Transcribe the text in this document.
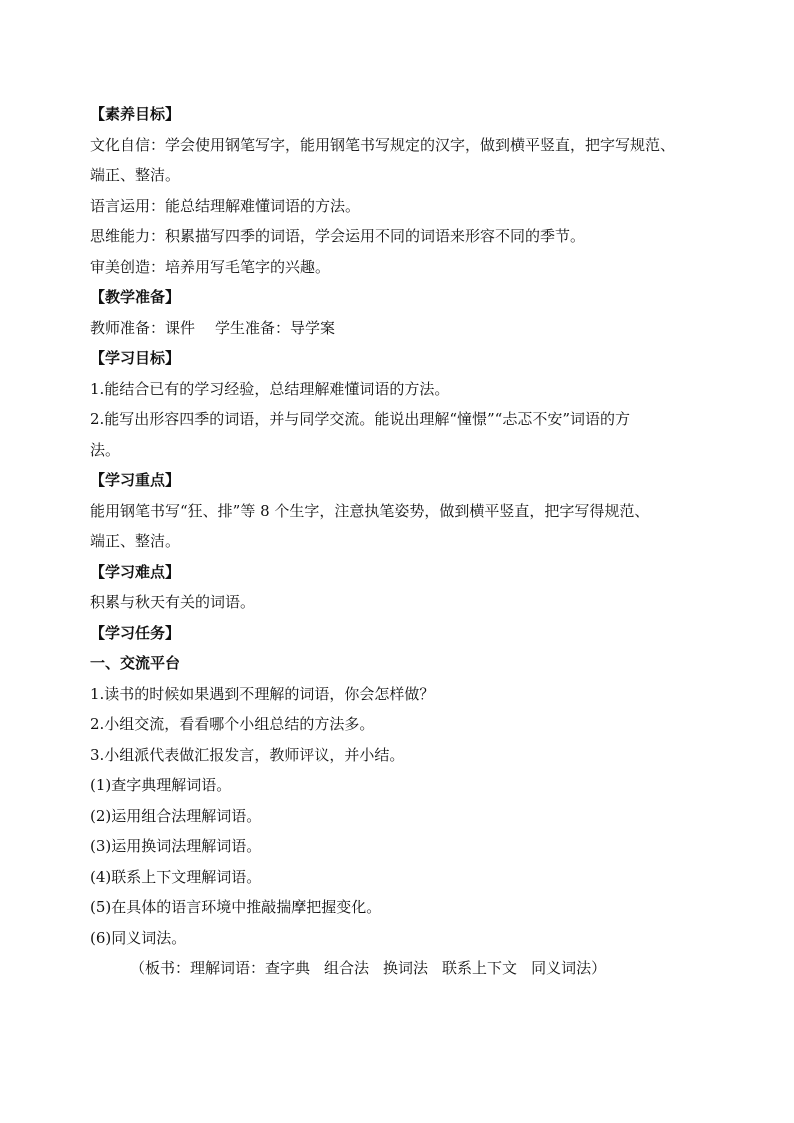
【素养目标】

文化自信：学会使用钢笔写字，能用钢笔书写规定的汉字，做到横平竖直，把字写规范、

端正、整洁。

语言运用：能总结理解难懂词语的方法。

思维能力：积累描写四季的词语，学会运用不同的词语来形容不同的季节。

审美创造：培养用写毛笔字的兴趣。

【教学准备】

教师准备：课件 学生准备：导学案

【学习目标】

1.能结合已有的学习经验，总结理解难懂词语的方法。

2.能写出形容四季的词语，并与同学交流。能说出理解“憧憬”“忐忑不安”词语的方

法。

【学习重点】

能用钢笔书写“狂、排”等 8 个生字，注意执笔姿势，做到横平竖直，把字写得规范、

端正、整洁。

【学习难点】

积累与秋天有关的词语。

【学习任务】

一、交流平台

1.读书的时候如果遇到不理解的词语，你会怎样做？

2.小组交流，看看哪个小组总结的方法多。

3.小组派代表做汇报发言，教师评议，并小结。

(1)查字典理解词语。

(2)运用组合法理解词语。

(3)运用换词法理解词语。

(4)联系上下文理解词语。

(5)在具体的语言环境中推敲揣摩把握变化。

(6)同义词法。

（板书：理解词语：查字典 组合法 换词法 联系上下文 同义词法）
